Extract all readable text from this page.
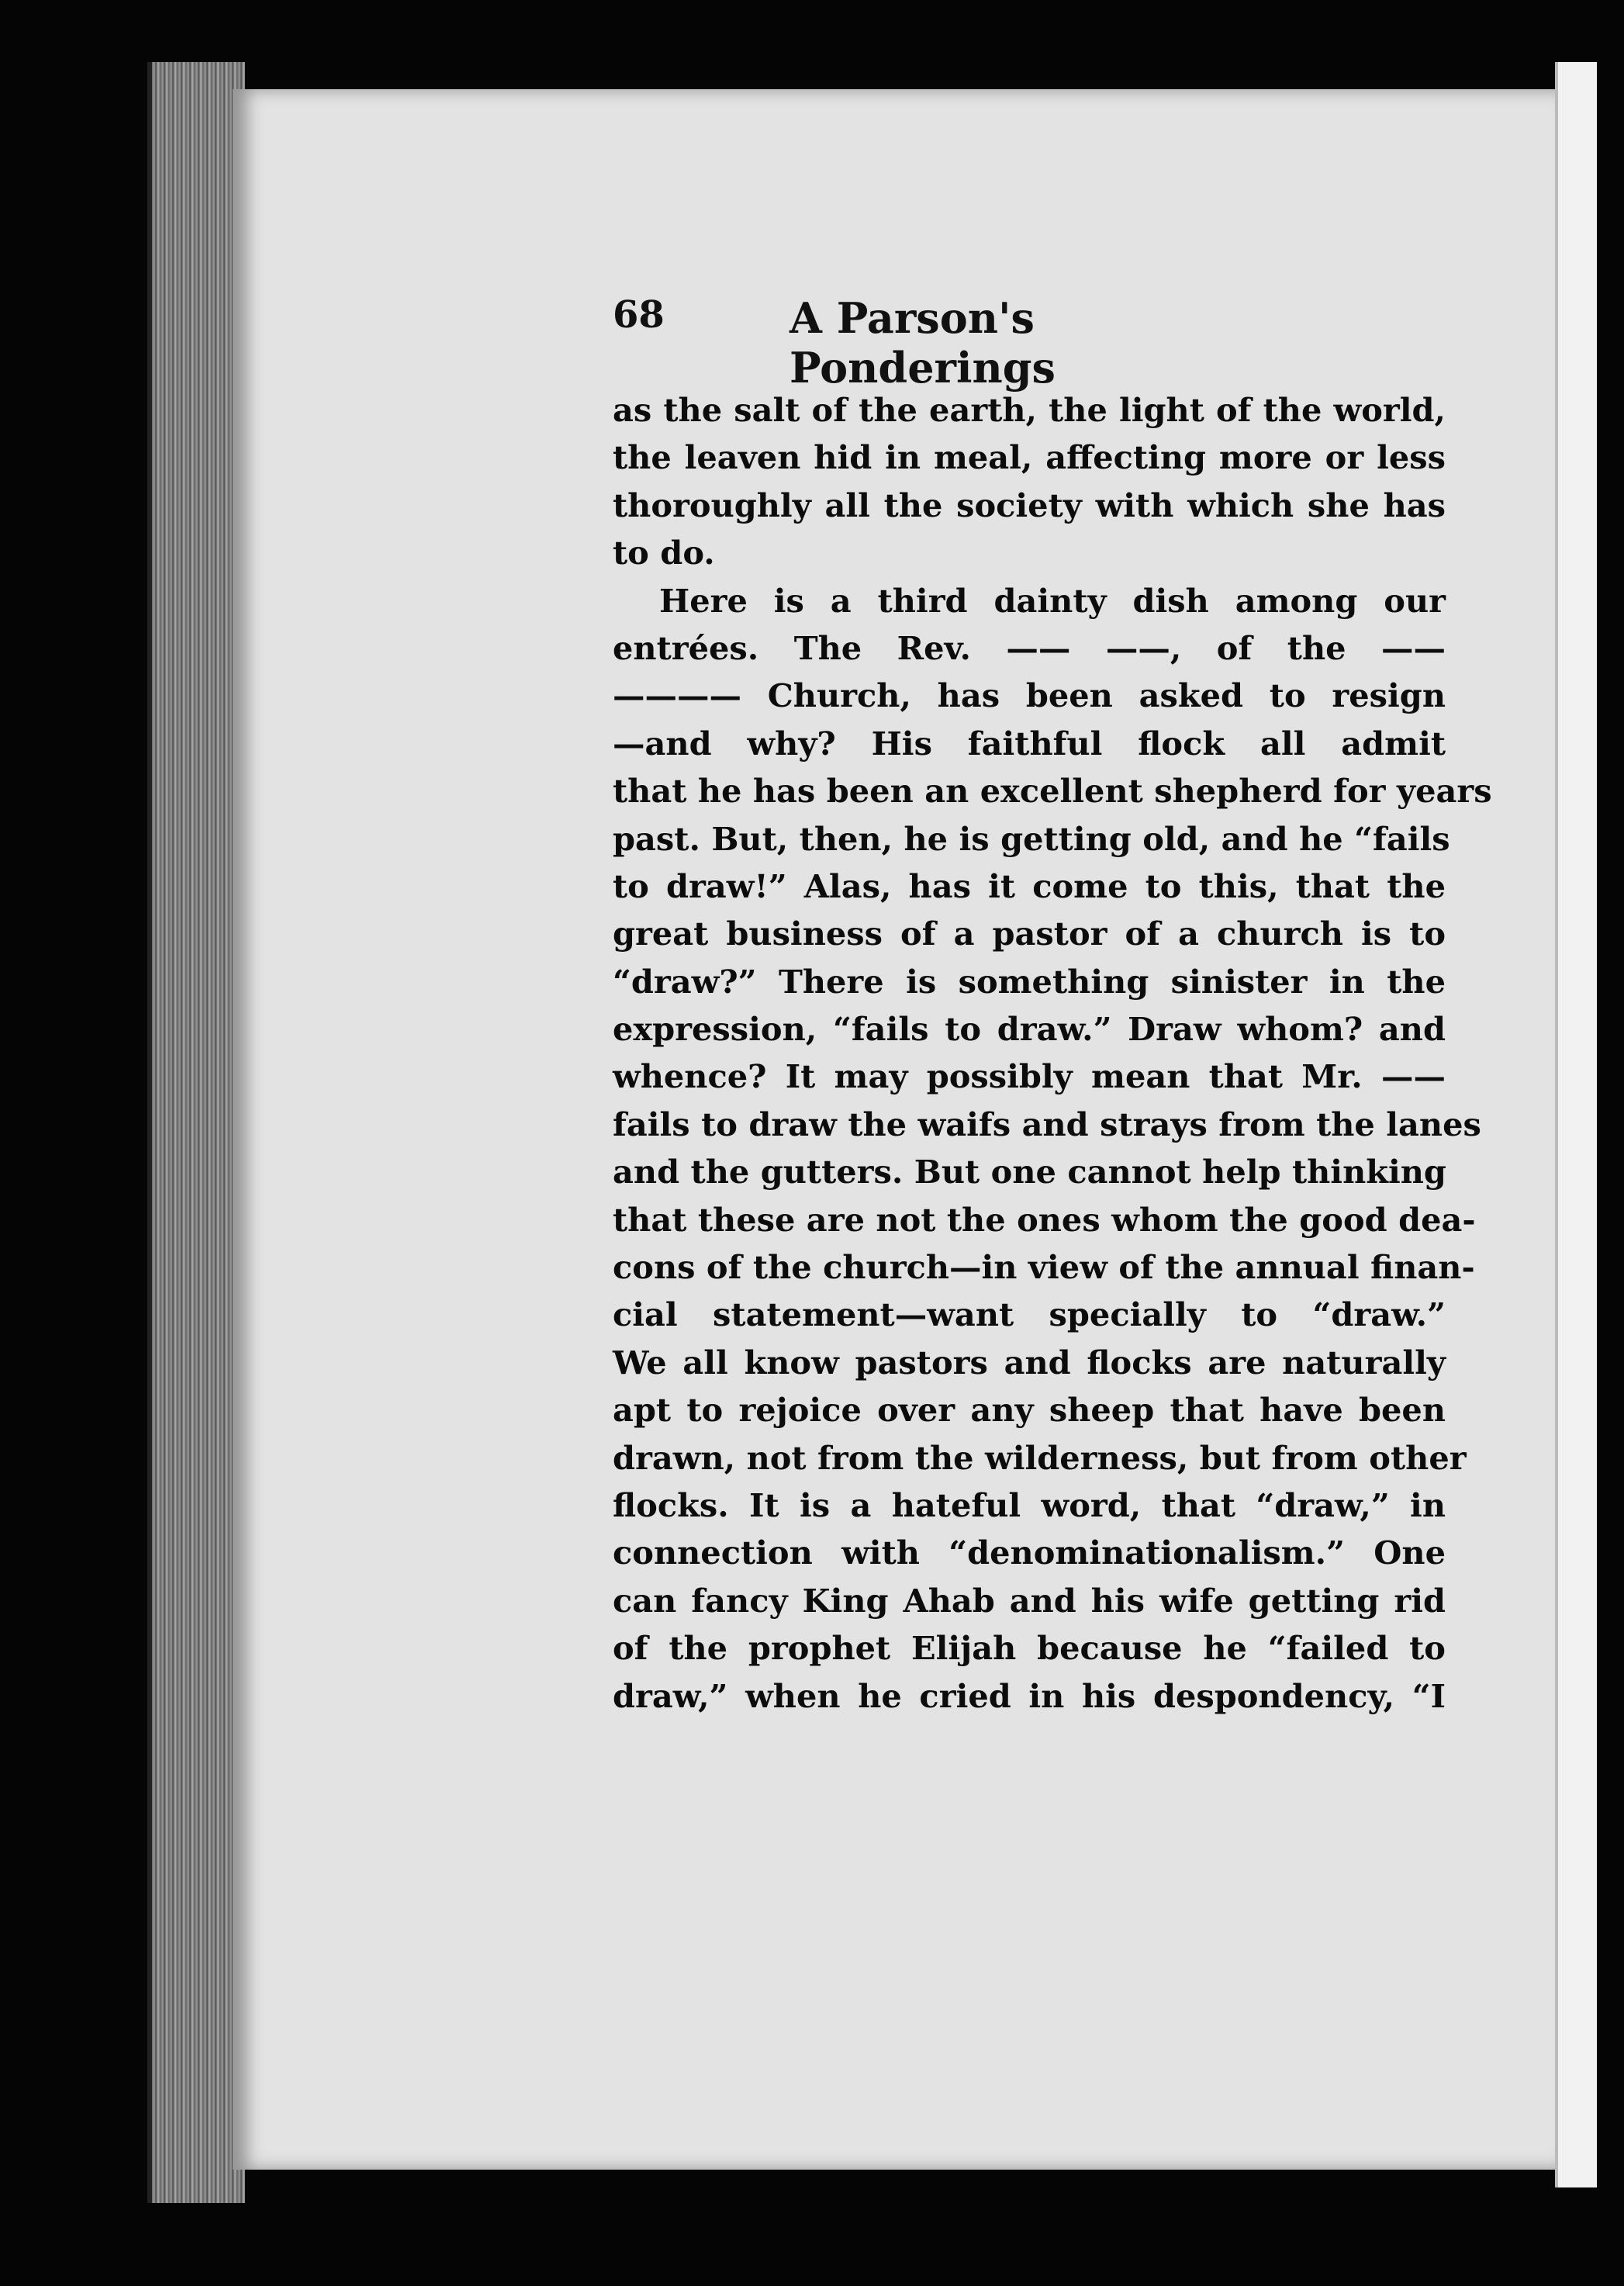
68	A Parson's Ponderings
as the salt of the earth, the light of the world,
the leaven hid in meal, affecting more or less
thoroughly all the society with which she has
to do.
Here is a third dainty dish among our
entrées. The Rev. —— ——, of the ——
———— Church, has been asked to resign
—and why? His faithful flock all admit
that he has been an excellent shepherd for years
past. But, then, he is getting old, and he “fails
to draw!” Alas, has it come to this, that the
great business of a pastor of a church is to
“draw?” There is something sinister in the
expression, “fails to draw.” Draw whom? and
whence? It may possibly mean that Mr. ——
fails to draw the waifs and strays from the lanes
and the gutters. But one cannot help thinking
that these are not the ones whom the good dea-
cons of the church—in view of the annual finan-
cial statement—want specially to “draw.”
We all know pastors and flocks are naturally
apt to rejoice over any sheep that have been
drawn, not from the wilderness, but from other
flocks. It is a hateful word, that “draw,” in
connection with “denominationalism.” One
can fancy King Ahab and his wife getting rid
of the prophet Elijah because he “failed to
draw,” when he cried in his despondency, “I
